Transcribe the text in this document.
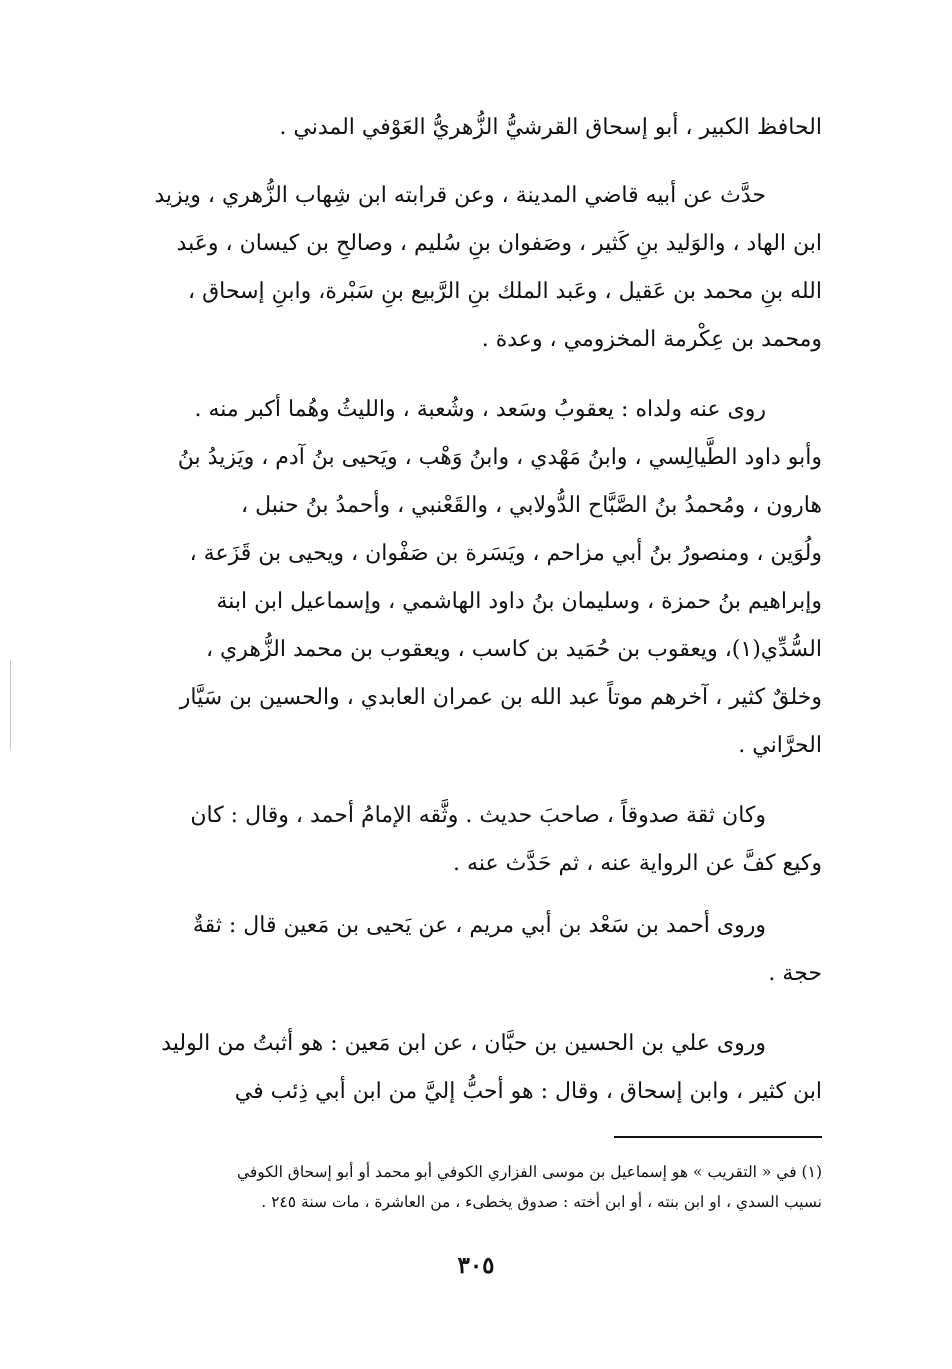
الحافظ الكبير ، أبو إسحاق القرشيُّ الزُّهريُّ العَوْفي المدني .

حدَّث عن أبيه قاضي المدينة ، وعن قرابته ابن شِهاب الزُّهري ، ويزيد
ابن الهاد ، والوَليد بنِ كَثير ، وصَفوان بنِ سُليم ، وصالحِ بن كيسان ، وعَبد
الله بنِ محمد بن عَقيل ، وعَبد الملك بنِ الرَّبيع بنِ سَبْرة، وابنِ إسحاق ،
ومحمد بن عِكْرمة المخزومي ، وعدة .

روى عنه ولداه : يعقوبُ وسَعد ، وشُعبة ، والليثُ وهُما أكبر منه .
وأبو داود الطَّيالِسي ، وابنُ مَهْدي ، وابنُ وَهْب ، ويَحيى بنُ آدم ، ويَزيدُ بنُ
هارون ، ومُحمدُ بنُ الصَّبَّاح الدُّولابي ، والقَعْنبي ، وأحمدُ بنُ حنبل ،
ولُوَين ، ومنصورُ بنُ أبي مزاحم ، ويَسَرة بن صَفْوان ، ويحيى بن قَزَعة ،
وإبراهيم بنُ حمزة ، وسليمان بنُ داود الهاشمي ، وإسماعيل ابن ابنة
السُّدِّي(١)، ويعقوب بن حُمَيد بن كاسب ، ويعقوب بن محمد الزُّهري ،
وخلقٌ كثير ، آخرهم موتاً عبد الله بن عمران العابدي ، والحسين بن سَيَّار
الحرَّاني .

وكان ثقة صدوقاً ، صاحبَ حديث . وثَّقه الإمامُ أحمد ، وقال : كان
وكيع كفَّ عن الرواية عنه ، ثم حَدَّث عنه .

وروى أحمد بن سَعْد بن أبي مريم ، عن يَحيى بن مَعين قال : ثقةٌ
حجة .

وروى علي بن الحسين بن حبَّان ، عن ابن مَعين : هو أثبتُ من الوليد
ابن كثير ، وابن إسحاق ، وقال : هو أحبُّ إليَّ من ابن أبي ذِئب في

(١) في « التقريب » هو إسماعيل بن موسى الفزاري الكوفي أبو محمد أو أبو إسحاق الكوفي
نسيب السدي ، او ابن بنته ، أو ابن أخته : صدوق يخطىء ، من العاشرة ، مات سنة ٢٤٥ .
٣٠٥
